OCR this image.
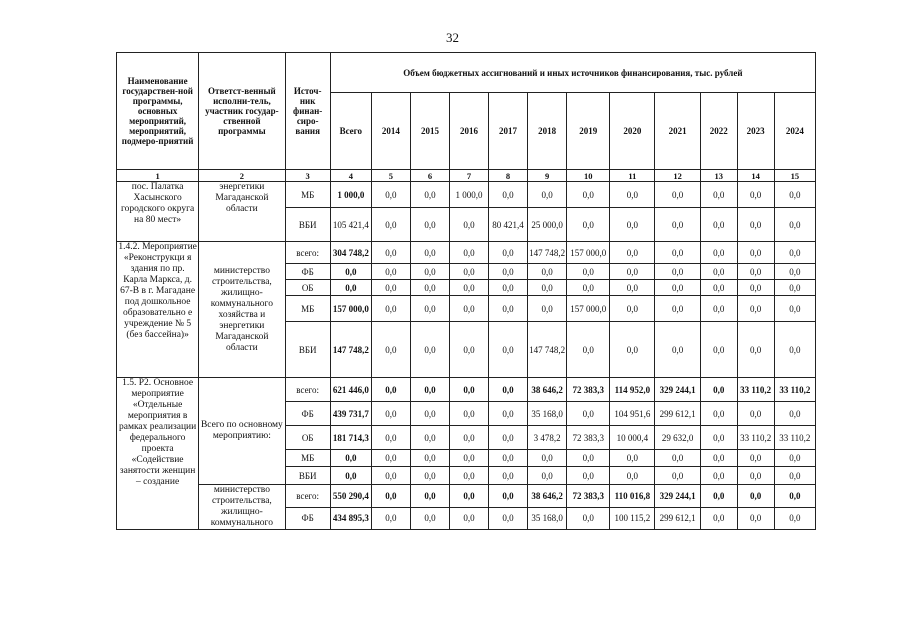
32
Наименование государствен-ной программы, основных мероприятий, мероприятий, подмеро-приятий	Ответст-венный исполни-тель, участник государ-ственной программы	Источ-ник финан-сиро-вания	Объем бюджетных ассигнований и иных источников финансирования, тыс. рублей											
			Всего	2014	2015	2016	2017	2018	2019	2020	2021	2022	2023	2024
1	2	3	4	5	6	7	8	9	10	11	12	13	14	15
пос. Палатка Хасынского городского округа на 80 мест»	энергетики Магаданской области	МБ	1 000,0	0,0	0,0	1 000,0	0,0	0,0	0,0	0,0	0,0	0,0	0,0	0,0
		ВБИ	105 421,4	0,0	0,0	0,0	80 421,4	25 000,0	0,0	0,0	0,0	0,0	0,0	0,0
1.4.2. Мероприятие «Реконструкци я здания по пр. Карла Маркса, д. 67-В в г. Магадане под дошкольное образовательно е учреждение № 5 (без бассейна)»	министерство строительства, жилищно-коммунального хозяйства и энергетики Магаданской области	всего:	304 748,2	0,0	0,0	0,0	0,0	147 748,2	157 000,0	0,0	0,0	0,0	0,0	0,0
		ФБ	0,0	0,0	0,0	0,0	0,0	0,0	0,0	0,0	0,0	0,0	0,0	0,0
		ОБ	0,0	0,0	0,0	0,0	0,0	0,0	0,0	0,0	0,0	0,0	0,0	0,0
		МБ	157 000,0	0,0	0,0	0,0	0,0	0,0	157 000,0	0,0	0,0	0,0	0,0	0,0
		ВБИ	147 748,2	0,0	0,0	0,0	0,0	147 748,2	0,0	0,0	0,0	0,0	0,0	0,0
1.5. Р2. Основное мероприятие «Отдельные мероприятия в рамках реализации федерального проекта «Содействие занятости женщин – создание	Всего по основному мероприятию:	всего:	621 446,0	0,0	0,0	0,0	0,0	38 646,2	72 383,3	114 952,0	329 244,1	0,0	33 110,2	33 110,2
		ФБ	439 731,7	0,0	0,0	0,0	0,0	35 168,0	0,0	104 951,6	299 612,1	0,0	0,0	0,0
		ОБ	181 714,3	0,0	0,0	0,0	0,0	3 478,2	72 383,3	10 000,4	29 632,0	0,0	33 110,2	33 110,2
		МБ	0,0	0,0	0,0	0,0	0,0	0,0	0,0	0,0	0,0	0,0	0,0	0,0
		ВБИ	0,0	0,0	0,0	0,0	0,0	0,0	0,0	0,0	0,0	0,0	0,0	0,0
	министерство строительства, жилищно-коммунального	всего:	550 290,4	0,0	0,0	0,0	0,0	38 646,2	72 383,3	110 016,8	329 244,1	0,0	0,0	0,0
		ФБ	434 895,3	0,0	0,0	0,0	0,0	35 168,0	0,0	100 115,2	299 612,1	0,0	0,0	0,0
